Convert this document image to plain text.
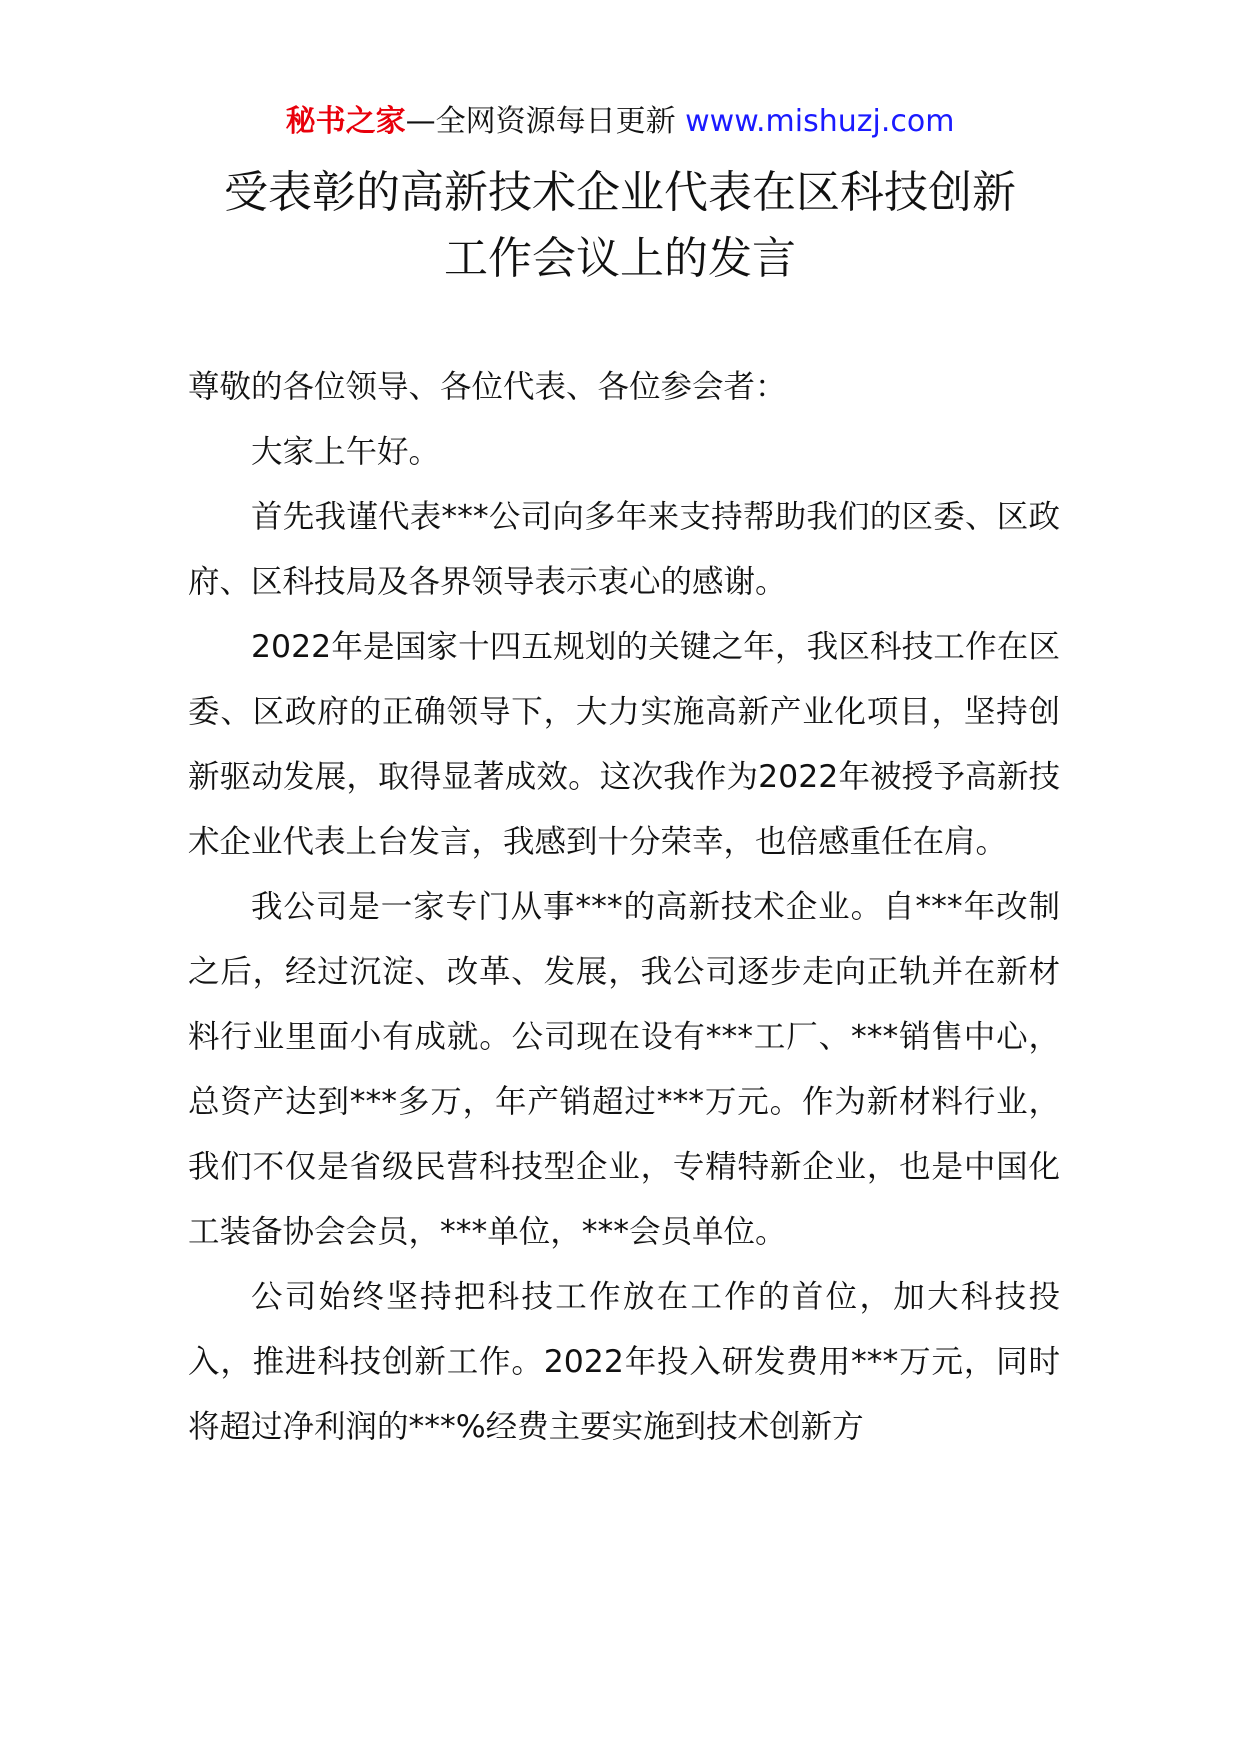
秘书之家—全网资源每日更新 www.mishuzj.com
受表彰的高新技术企业代表在区科技创新
工作会议上的发言

尊敬的各位领导、各位代表、各位参会者：

大家上午好。

首先我谨代表***公司向多年来支持帮助我们的区委、区政府、区科技局及各界领导表示衷心的感谢。

2022年是国家十四五规划的关键之年，我区科技工作在区委、区政府的正确领导下，大力实施高新产业化项目，坚持创新驱动发展，取得显著成效。这次我作为2022年被授予高新技术企业代表上台发言，我感到十分荣幸，也倍感重任在肩。

我公司是一家专门从事***的高新技术企业。自***年改制之后，经过沉淀、改革、发展，我公司逐步走向正轨并在新材料行业里面小有成就。公司现在设有***工厂、***销售中心，总资产达到***多万，年产销超过***万元。作为新材料行业，我们不仅是省级民营科技型企业，专精特新企业，也是中国化工装备协会会员，***单位，***会员单位。

公司始终坚持把科技工作放在工作的首位，加大科技投入，推进科技创新工作。2022年投入研发费用***万元，同时将超过净利润的***%经费主要实施到技术创新方
